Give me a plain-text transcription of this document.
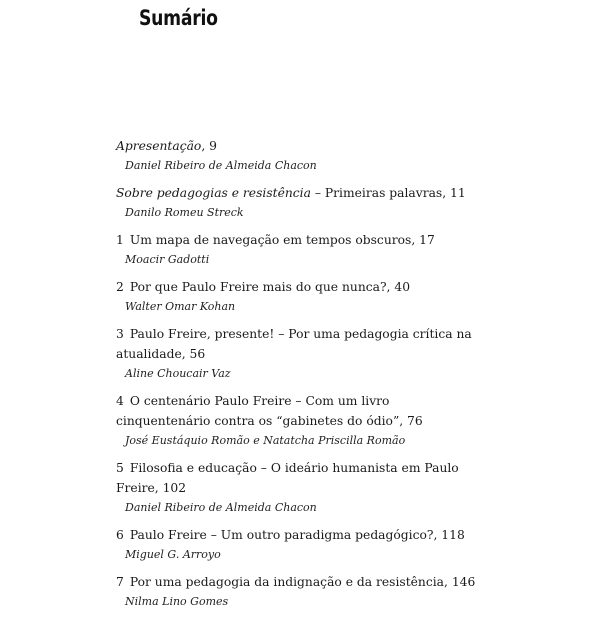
Sumário
Apresentação, 9
Daniel Ribeiro de Almeida Chacon
Sobre pedagogias e resistência – Primeiras palavras, 11
Danilo Romeu Streck
1 Um mapa de navegação em tempos obscuros, 17
Moacir Gadotti
2 Por que Paulo Freire mais do que nunca?, 40
Walter Omar Kohan
3 Paulo Freire, presente! – Por uma pedagogia crítica na atualidade, 56
Aline Choucair Vaz
4 O centenário Paulo Freire – Com um livro cinquentenário contra os “gabinetes do ódio”, 76
José Eustáquio Romão e Natatcha Priscilla Romão
5 Filosofia e educação – O ideário humanista em Paulo Freire, 102
Daniel Ribeiro de Almeida Chacon
6 Paulo Freire – Um outro paradigma pedagógico?, 118
Miguel G. Arroyo
7 Por uma pedagogia da indignação e da resistência, 146
Nilma Lino Gomes
